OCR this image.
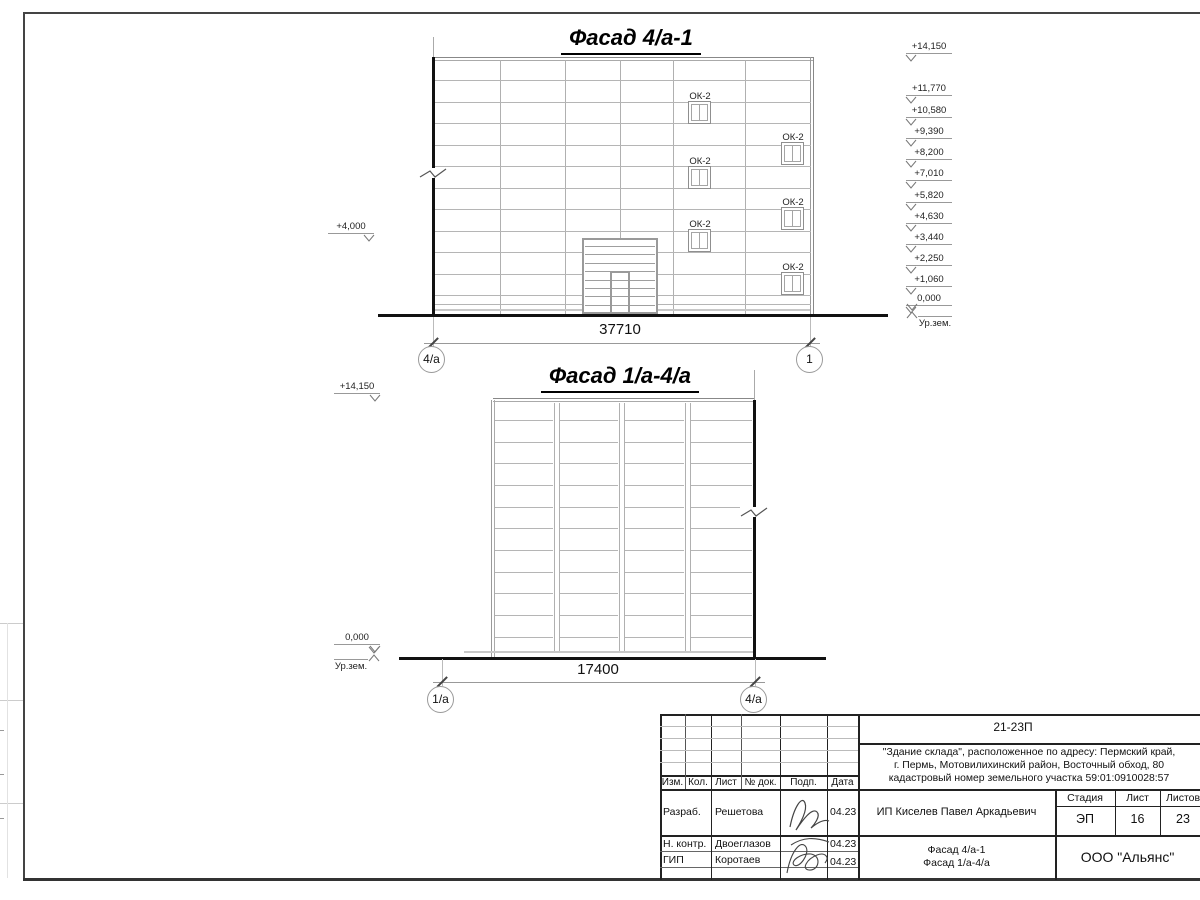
ОК-2
ОК-2
ОК-2
ОК-2
ОК-2
ОК-2
+14,150
+11,770
+10,580
+9,390
+8,200
+7,010
+5,820
+4,630
+3,440
+2,250
+1,060
0,000
Ур.зем.
+4,000
+14,150
0,000
Ур.зем.
Фасад 4/а-1
37710
4/а	1
Фасад 1/а-4/а
17400
1/а	4/а
21-23П
"Здание склада", расположенное по адресу: Пермский край,
г. Пермь, Мотовилихинский район, Восточный обход, 80
кадастровый номер земельного участка 59:01:0910028:57
Изм. Кол. Лист № док.	Подп.	Дата
Разраб. Решетова	04.23
Н. контр. Двоеглазов	04.23
ГИП	Коротаев	04.23
ИП Киселев Павел Аркадьевич
Стадия	Лист	Листов
ЭП	16	23
Фасад 4/а-1
Фасад 1/а-4/а	ООО "Альянс"
